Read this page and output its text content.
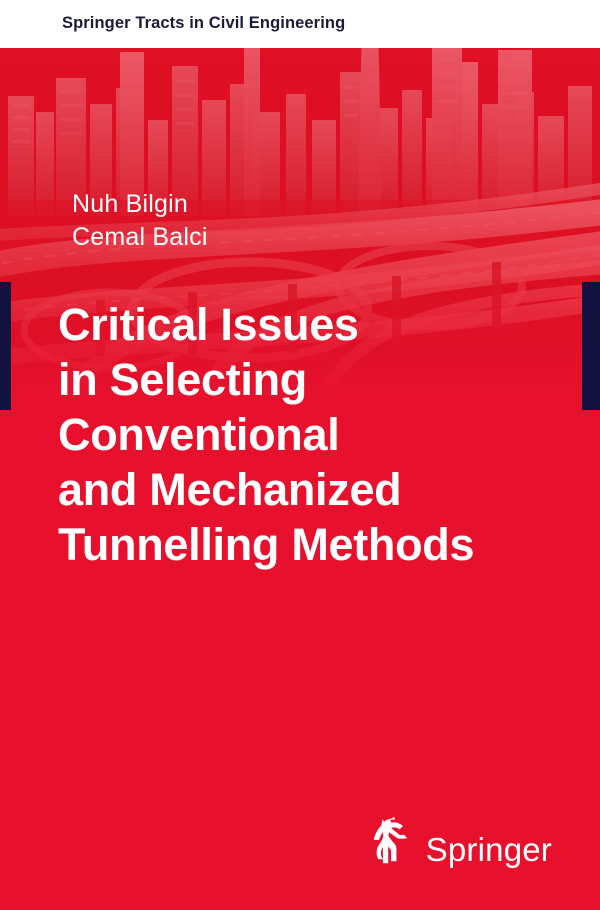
Springer Tracts in Civil Engineering
Nuh Bilgin
Cemal Balci
Critical Issues
in Selecting
Conventional
and Mechanized
Tunnelling Methods
Springer
